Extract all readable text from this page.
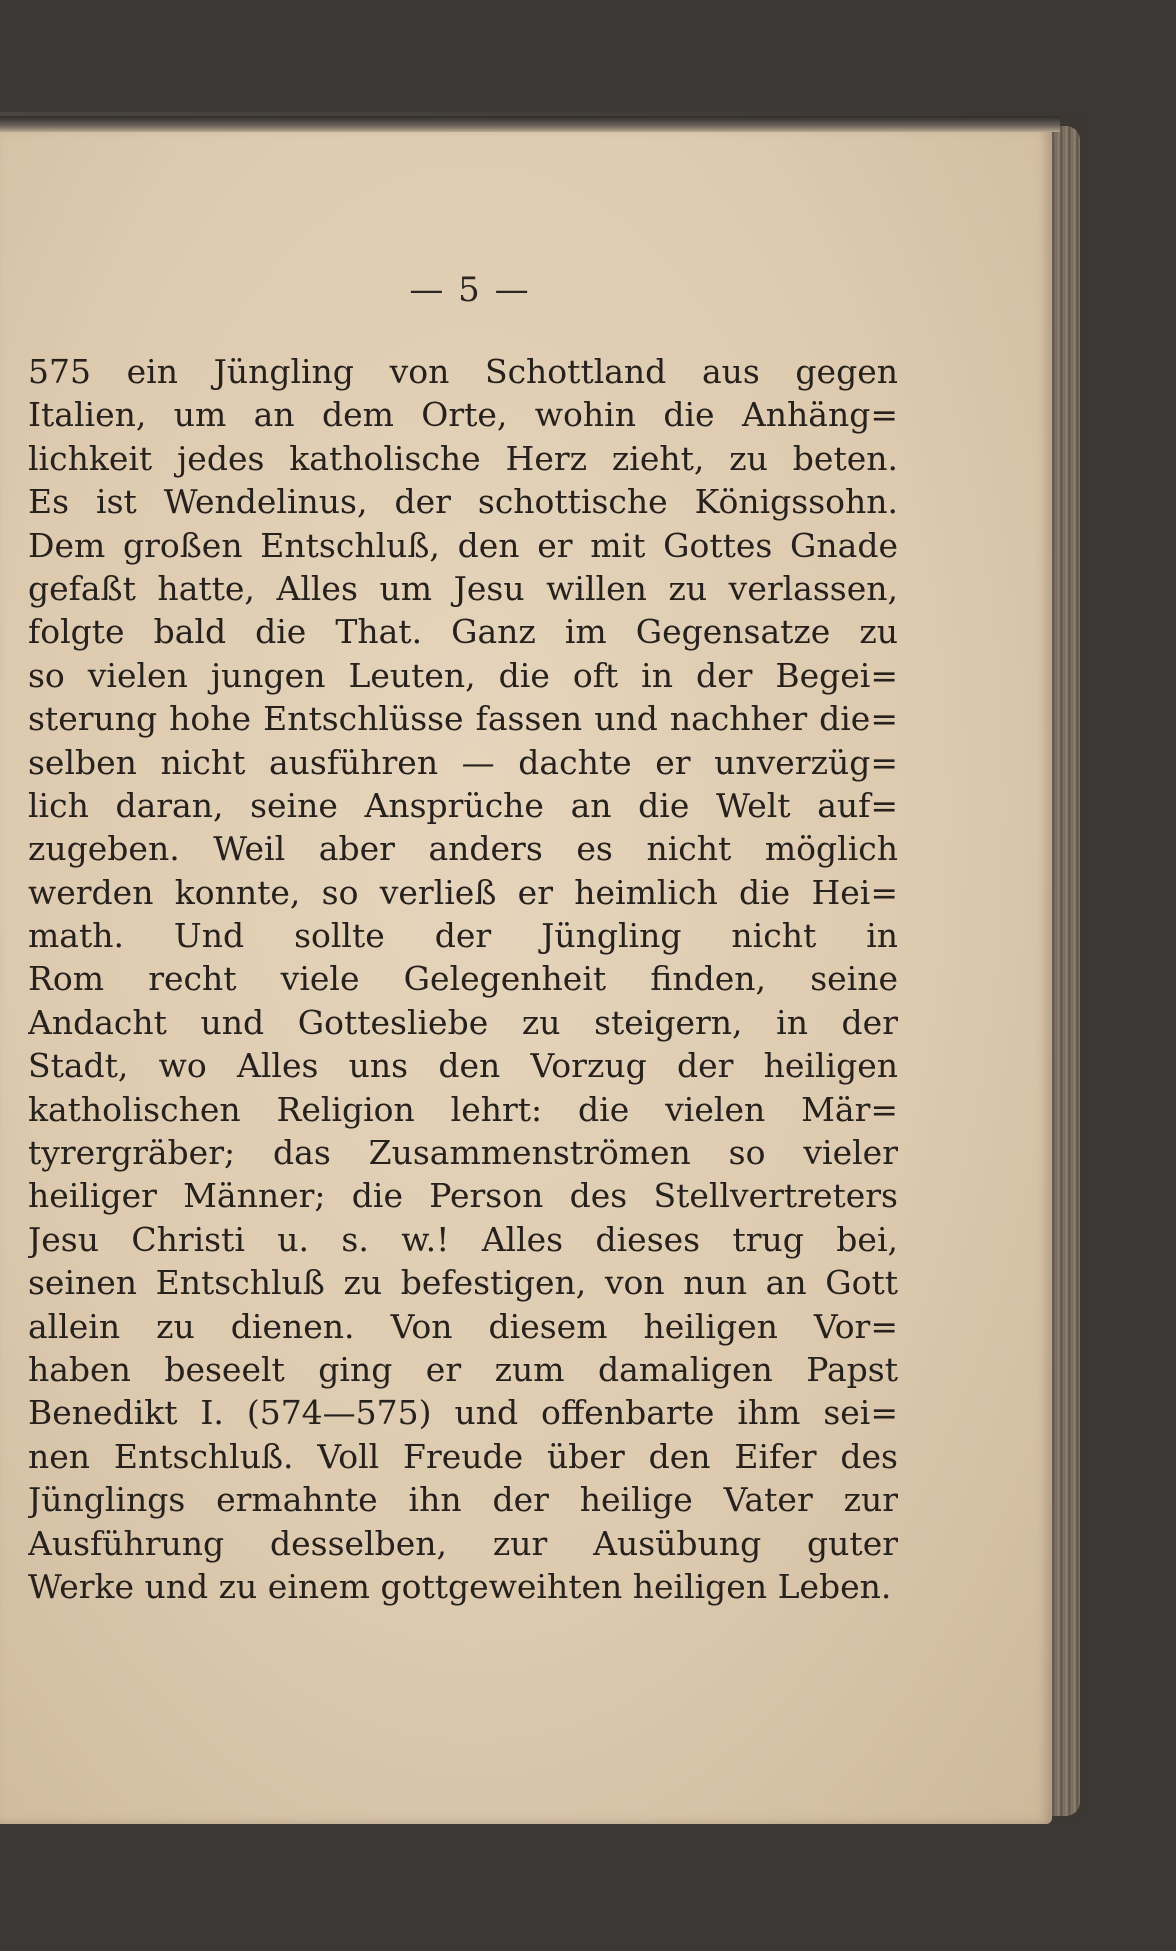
— 5 —
575 ein Jüngling von Schottland aus gegen
Italien, um an dem Orte, wohin die Anhäng=
lichkeit jedes katholische Herz zieht, zu beten.
Es ist Wendelinus, der schottische Königssohn.
Dem großen Entschluß, den er mit Gottes Gnade
gefaßt hatte, Alles um Jesu willen zu verlassen,
folgte bald die That. Ganz im Gegensatze zu
so vielen jungen Leuten, die oft in der Begei=
sterung hohe Entschlüsse fassen und nachher die=
selben nicht ausführen — dachte er unverzüg=
lich daran, seine Ansprüche an die Welt auf=
zugeben. Weil aber anders es nicht möglich
werden konnte, so verließ er heimlich die Hei=
math. Und sollte der Jüngling nicht in
Rom recht viele Gelegenheit finden, seine
Andacht und Gottesliebe zu steigern, in der
Stadt, wo Alles uns den Vorzug der heiligen
katholischen Religion lehrt: die vielen Mär=
tyrergräber; das Zusammenströmen so vieler
heiliger Männer; die Person des Stellvertreters
Jesu Christi u. s. w.! Alles dieses trug bei,
seinen Entschluß zu befestigen, von nun an Gott
allein zu dienen. Von diesem heiligen Vor=
haben beseelt ging er zum damaligen Papst
Benedikt I. (574—575) und offenbarte ihm sei=
nen Entschluß. Voll Freude über den Eifer des
Jünglings ermahnte ihn der heilige Vater zur
Ausführung desselben, zur Ausübung guter
Werke und zu einem gottgeweihten heiligen Leben.
